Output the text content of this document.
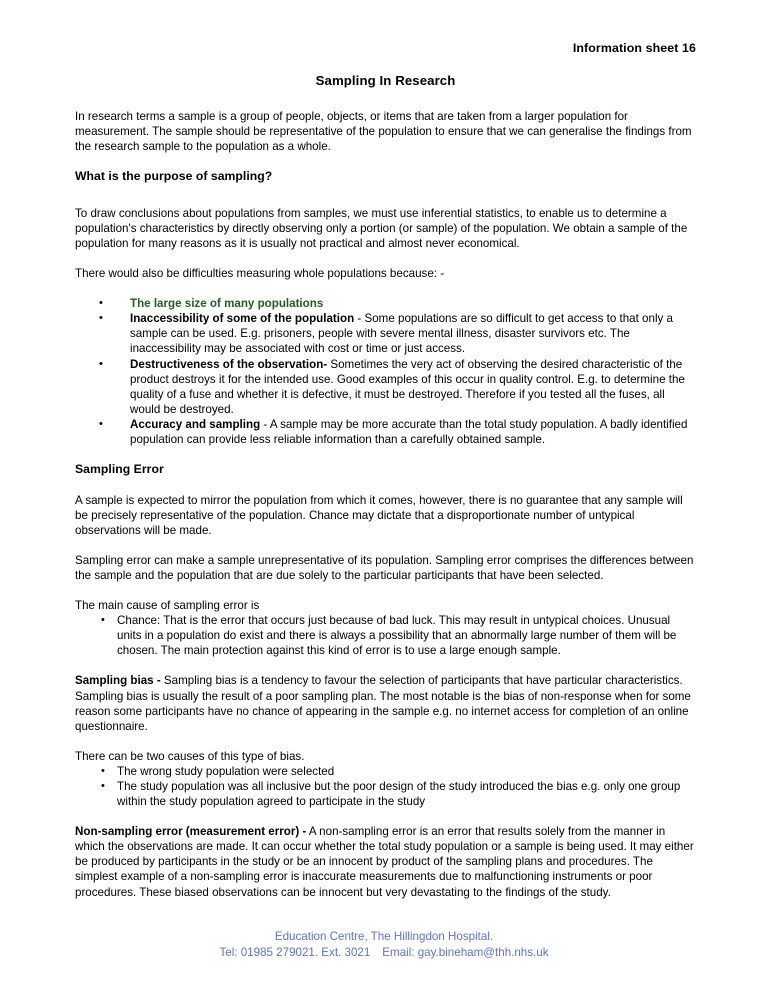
Information sheet 16
Sampling In Research

In research terms a sample is a group of people, objects, or items that are taken from a larger population for measurement. The sample should be representative of the population to ensure that we can generalise the findings from the research sample to the population as a whole.

What is the purpose of sampling?

To draw conclusions about populations from samples, we must use inferential statistics, to enable us to determine a population's characteristics by directly observing only a portion (or sample) of the population. We obtain a sample of the population for many reasons as it is usually not practical and almost never economical.

There would also be difficulties measuring whole populations because: -

• The large size of many populations
• Inaccessibility of some of the population - Some populations are so difficult to get access to that only a sample can be used. E.g. prisoners, people with severe mental illness, disaster survivors etc. The inaccessibility may be associated with cost or time or just access.
• Destructiveness of the observation- Sometimes the very act of observing the desired characteristic of the product destroys it for the intended use. Good examples of this occur in quality control. E.g. to determine the quality of a fuse and whether it is defective, it must be destroyed. Therefore if you tested all the fuses, all would be destroyed.
• Accuracy and sampling - A sample may be more accurate than the total study population. A badly identified population can provide less reliable information than a carefully obtained sample.
Sampling Error

A sample is expected to mirror the population from which it comes, however, there is no guarantee that any sample will be precisely representative of the population. Chance may dictate that a disproportionate number of untypical observations will be made.

Sampling error can make a sample unrepresentative of its population. Sampling error comprises the differences between the sample and the population that are due solely to the particular participants that have been selected.

The main cause of sampling error is

• Chance: That is the error that occurs just because of bad luck. This may result in untypical choices. Unusual units in a population do exist and there is always a possibility that an abnormally large number of them will be chosen. The main protection against this kind of error is to use a large enough sample.

Sampling bias - Sampling bias is a tendency to favour the selection of participants that have particular characteristics. Sampling bias is usually the result of a poor sampling plan. The most notable is the bias of non-response when for some reason some participants have no chance of appearing in the sample e.g. no internet access for completion of an online questionnaire.

There can be two causes of this type of bias.

• The wrong study population were selected
• The study population was all inclusive but the poor design of the study introduced the bias e.g. only one group within the study population agreed to participate in the study

Non-sampling error (measurement error) - A non-sampling error is an error that results solely from the manner in which the observations are made. It can occur whether the total study population or a sample is being used. It may either be produced by participants in the study or be an innocent by product of the sampling plans and procedures. The simplest example of a non-sampling error is inaccurate measurements due to malfunctioning instruments or poor procedures. These biased observations can be innocent but very devastating to the findings of the study.

Education Centre, The Hillingdon Hospital.
Tel: 01985 279021. Ext. 3021 Email: gay.bineham@thh.nhs.uk
